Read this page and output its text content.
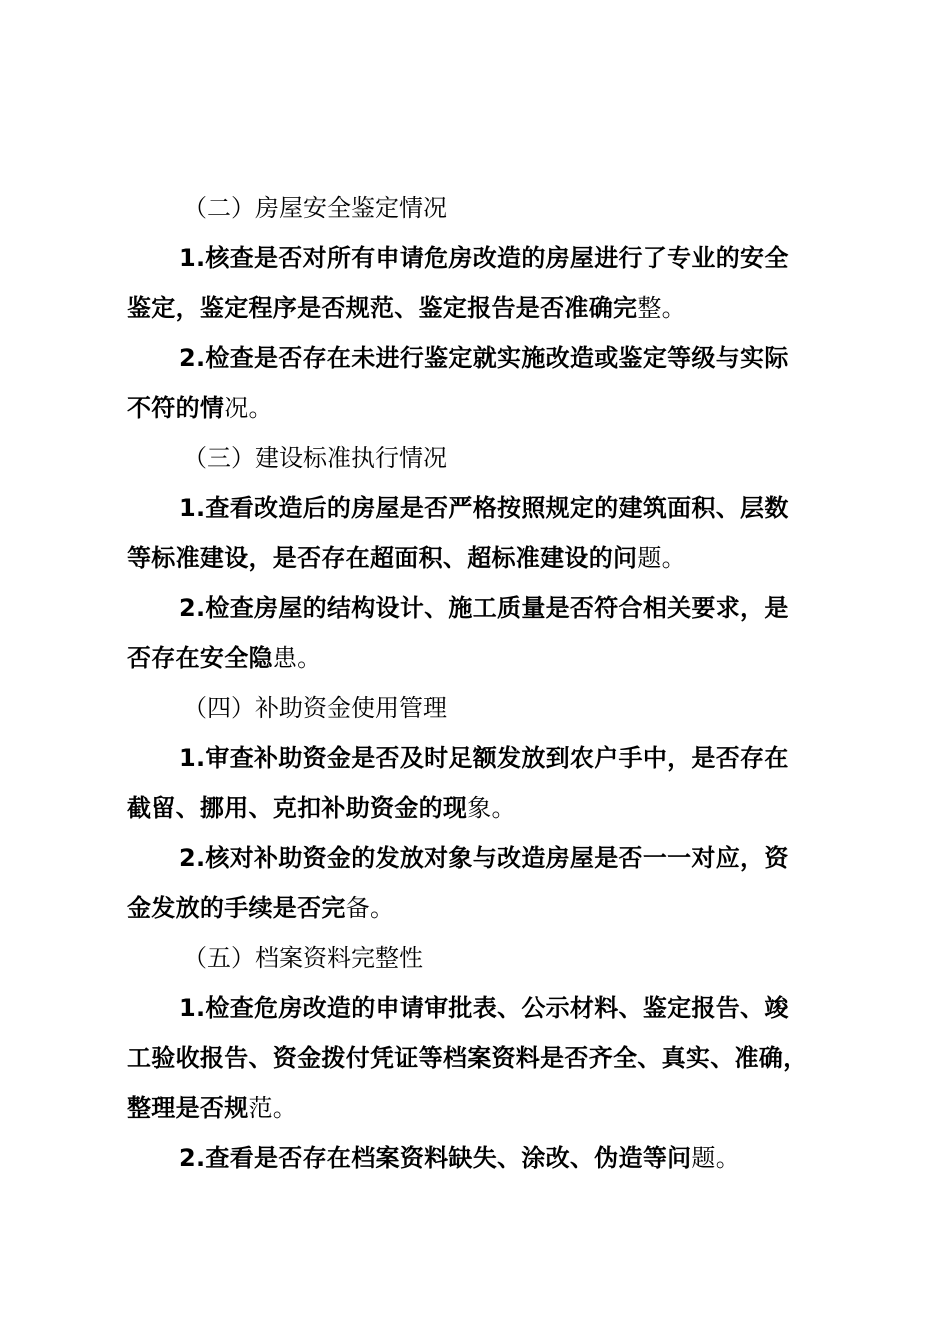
（二）房屋安全鉴定情况
1.核查是否对所有申请危房改造的房屋进行了专业的安全
鉴定，鉴定程序是否规范、鉴定报告是否准确完整。
2.检查是否存在未进行鉴定就实施改造或鉴定等级与实际
不符的情况。
（三）建设标准执行情况
1.查看改造后的房屋是否严格按照规定的建筑面积、层数
等标准建设，是否存在超面积、超标准建设的问题。
2.检查房屋的结构设计、施工质量是否符合相关要求，是
否存在安全隐患。
（四）补助资金使用管理
1.审查补助资金是否及时足额发放到农户手中，是否存在
截留、挪用、克扣补助资金的现象。
2.核对补助资金的发放对象与改造房屋是否一一对应，资
金发放的手续是否完备。
（五）档案资料完整性
1.检查危房改造的申请审批表、公示材料、鉴定报告、竣
工验收报告、资金拨付凭证等档案资料是否齐全、真实、准确，
整理是否规范。
2.查看是否存在档案资料缺失、涂改、伪造等问题。
